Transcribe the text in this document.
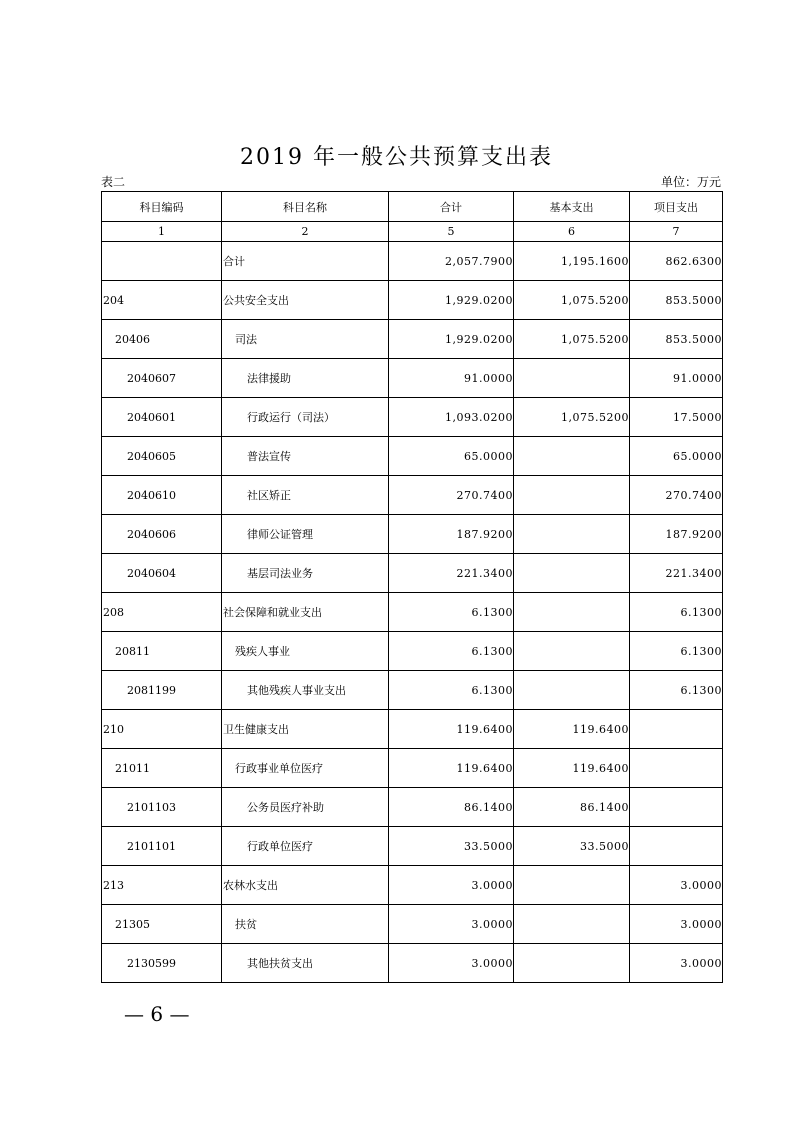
2019 年一般公共预算支出表
表二	单位：万元
科目编码	科目名称	合计	基本支出	项目支出
1	2	5	6	7
	合计	2,057.7900	1,195.1600	862.6300
204	公共安全支出	1,929.0200	1,075.5200	853.5000
20406	司法	1,929.0200	1,075.5200	853.5000
2040607	法律援助	91.0000		91.0000
2040601	行政运行（司法）	1,093.0200	1,075.5200	17.5000
2040605	普法宣传	65.0000		65.0000
2040610	社区矫正	270.7400		270.7400
2040606	律师公证管理	187.9200		187.9200
2040604	基层司法业务	221.3400		221.3400
208	社会保障和就业支出	6.1300		6.1300
20811	残疾人事业	6.1300		6.1300
2081199	其他残疾人事业支出	6.1300		6.1300
210	卫生健康支出	119.6400	119.6400	
21011	行政事业单位医疗	119.6400	119.6400	
2101103	公务员医疗补助	86.1400	86.1400	
2101101	行政单位医疗	33.5000	33.5000	
213	农林水支出	3.0000		3.0000
21305	扶贫	3.0000		3.0000
2130599	其他扶贫支出	3.0000		3.0000
— 6 —
